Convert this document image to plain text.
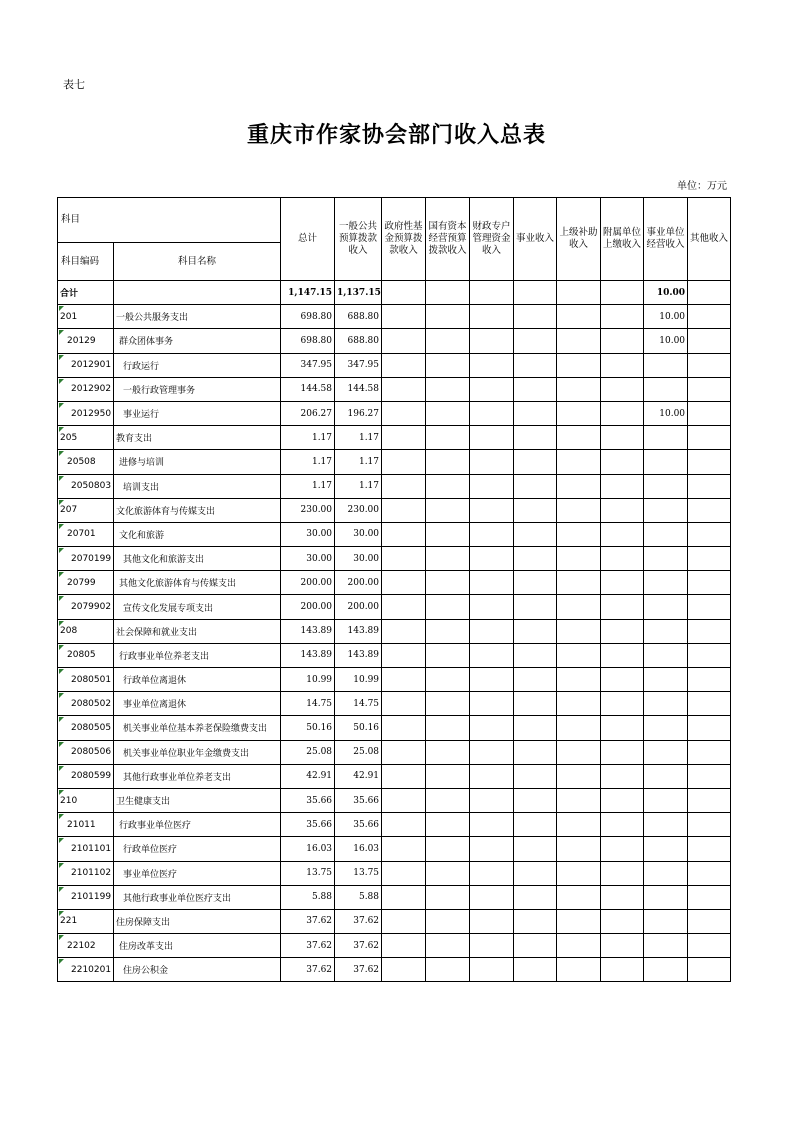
表七
重庆市作家协会部门收入总表
单位：万元
科目		总计	一般公共预算拨款收入	政府性基金预算拨款收入	国有资本经营预算拨款收入	财政专户管理资金收入	事业收入	上级补助收入	附属单位上缴收入	事业单位经营收入	其他收入
科目编码	科目名称										
合计		1,147.15	1,137.15							10.00	
201	一般公共服务支出	698.80	688.80							10.00	
20129	群众团体事务	698.80	688.80							10.00	
2012901	行政运行	347.95	347.95								
2012902	一般行政管理事务	144.58	144.58								
2012950	事业运行	206.27	196.27							10.00	
205	教育支出	1.17	1.17								
20508	进修与培训	1.17	1.17								
2050803	培训支出	1.17	1.17								
207	文化旅游体育与传媒支出	230.00	230.00								
20701	文化和旅游	30.00	30.00								
2070199	其他文化和旅游支出	30.00	30.00								
20799	其他文化旅游体育与传媒支出	200.00	200.00								
2079902	宣传文化发展专项支出	200.00	200.00								
208	社会保障和就业支出	143.89	143.89								
20805	行政事业单位养老支出	143.89	143.89								
2080501	行政单位离退休	10.99	10.99								
2080502	事业单位离退休	14.75	14.75								
2080505	机关事业单位基本养老保险缴费支出	50.16	50.16								
2080506	机关事业单位职业年金缴费支出	25.08	25.08								
2080599	其他行政事业单位养老支出	42.91	42.91								
210	卫生健康支出	35.66	35.66								
21011	行政事业单位医疗	35.66	35.66								
2101101	行政单位医疗	16.03	16.03								
2101102	事业单位医疗	13.75	13.75								
2101199	其他行政事业单位医疗支出	5.88	5.88								
221	住房保障支出	37.62	37.62								
22102	住房改革支出	37.62	37.62								
2210201	住房公积金	37.62	37.62								
